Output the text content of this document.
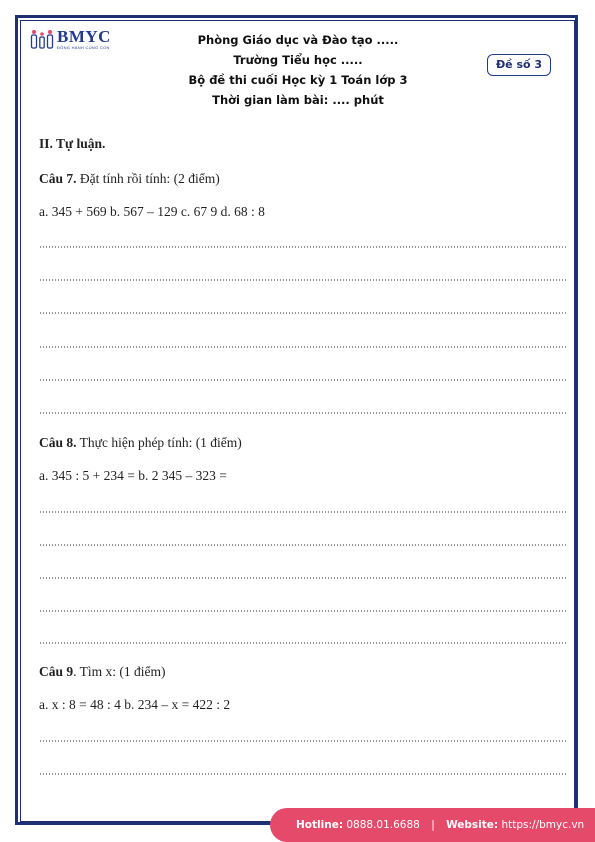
BMYC
ĐỒNG HÀNH CÙNG CON
Phòng Giáo dục và Đào tạo .....
Trường Tiểu học .....
Bộ đề thi cuối Học kỳ 1 Toán lớp 3
Thời gian làm bài: .... phút
Đề số 3
II. Tự luận.
Câu 7. Đặt tính rồi tính: (2 điểm)
a. 345 + 569 b. 567 – 129 c. 67 9 d. 68 : 8
Câu 8. Thực hiện phép tính: (1 điểm)
a. 345 : 5 + 234 = b. 2 345 – 323 =
Câu 9. Tìm x: (1 điểm)
a. x : 8 = 48 : 4 b. 234 – x = 422 : 2
Hotline: 0888.01.6688 | Website: https://bmyc.vn
